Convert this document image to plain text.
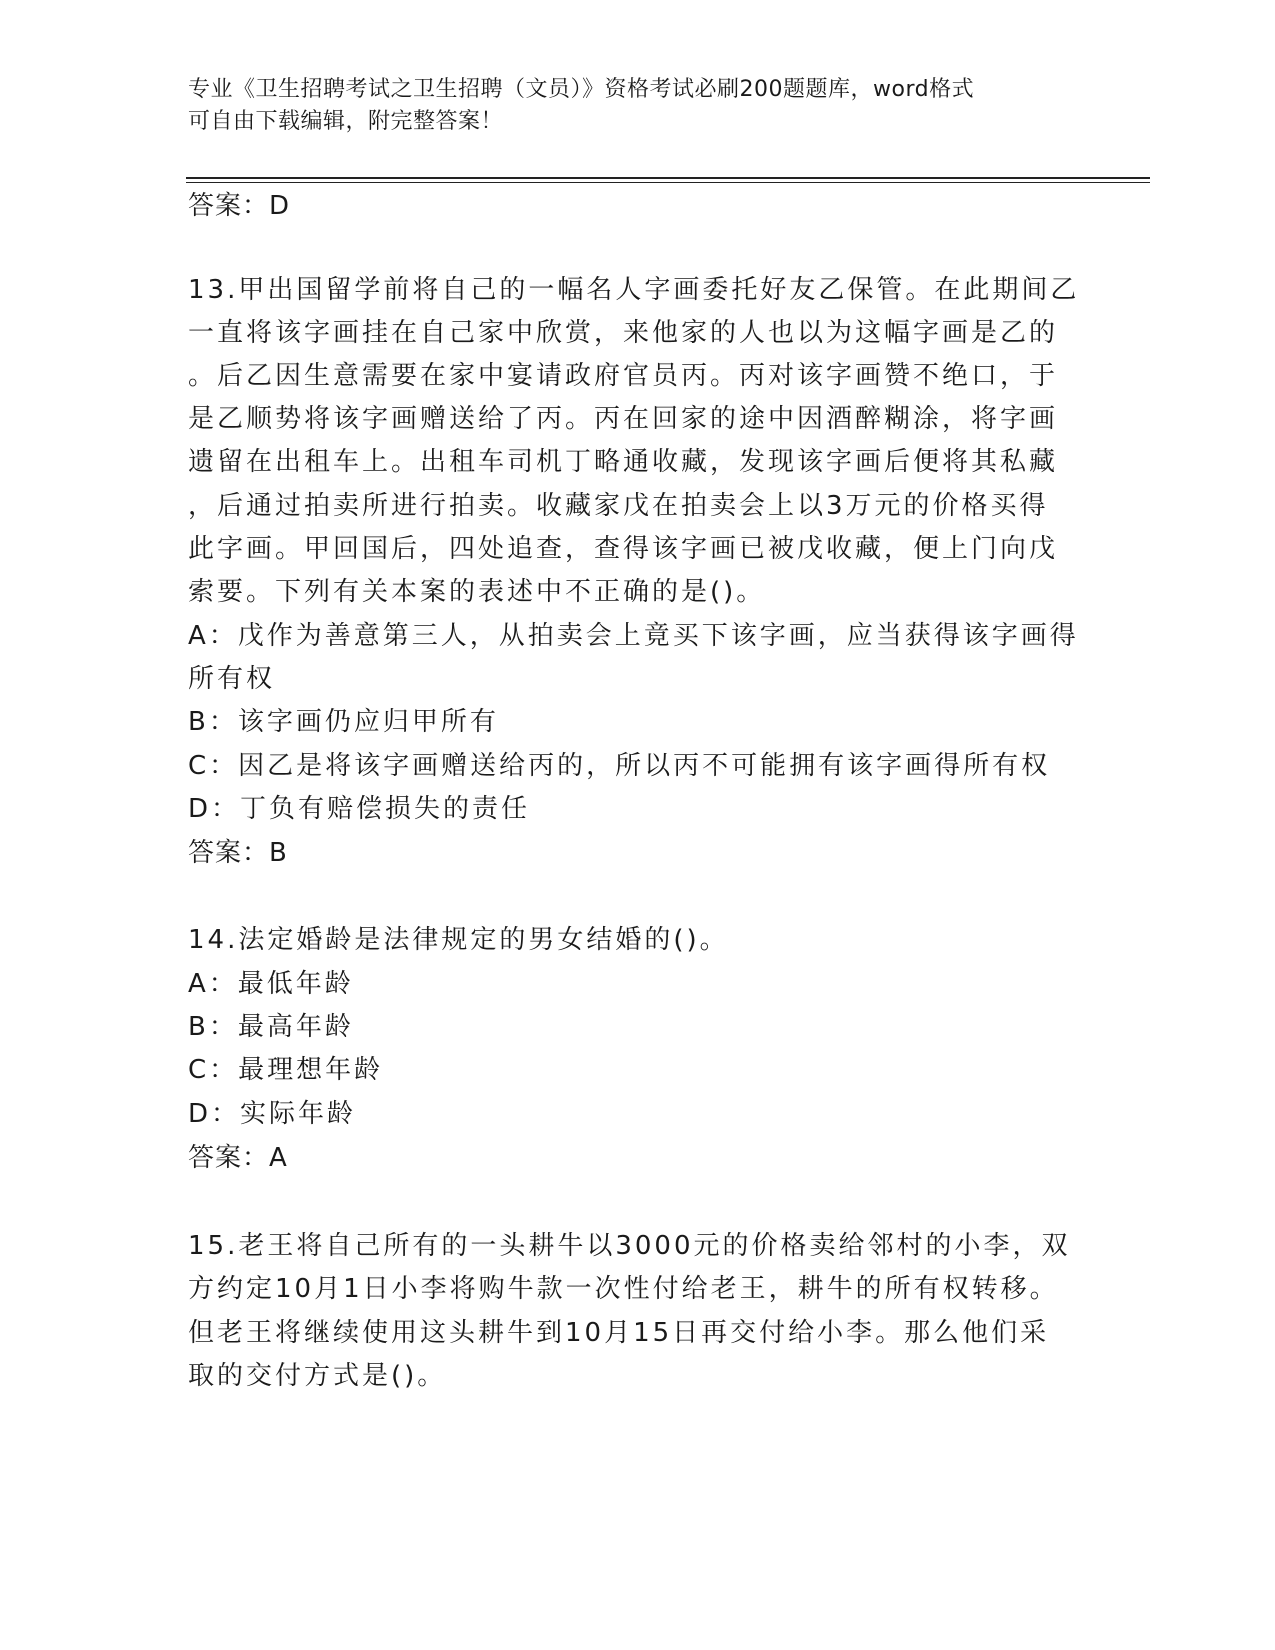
专业《卫生招聘考试之卫生招聘（文员）》资格考试必刷200题题库，word格式
可自由下载编辑，附完整答案！
答案：D
13.甲出国留学前将自己的一幅名人字画委托好友乙保管。在此期间乙
一直将该字画挂在自己家中欣赏，来他家的人也以为这幅字画是乙的
。后乙因生意需要在家中宴请政府官员丙。丙对该字画赞不绝口，于
是乙顺势将该字画赠送给了丙。丙在回家的途中因酒醉糊涂，将字画
遗留在出租车上。出租车司机丁略通收藏，发现该字画后便将其私藏
，后通过拍卖所进行拍卖。收藏家戊在拍卖会上以3万元的价格买得
此字画。甲回国后，四处追查，查得该字画已被戊收藏，便上门向戊
索要。下列有关本案的表述中不正确的是()。
A：戊作为善意第三人，从拍卖会上竟买下该字画，应当获得该字画得
所有权
B：该字画仍应归甲所有
C：因乙是将该字画赠送给丙的，所以丙不可能拥有该字画得所有权
D：丁负有赔偿损失的责任
答案：B
14.法定婚龄是法律规定的男女结婚的()。
A：最低年龄
B：最高年龄
C：最理想年龄
D：实际年龄
答案：A
15.老王将自己所有的一头耕牛以3000元的价格卖给邻村的小李，双
方约定10月1日小李将购牛款一次性付给老王，耕牛的所有权转移。
但老王将继续使用这头耕牛到10月15日再交付给小李。那么他们采
取的交付方式是()。
